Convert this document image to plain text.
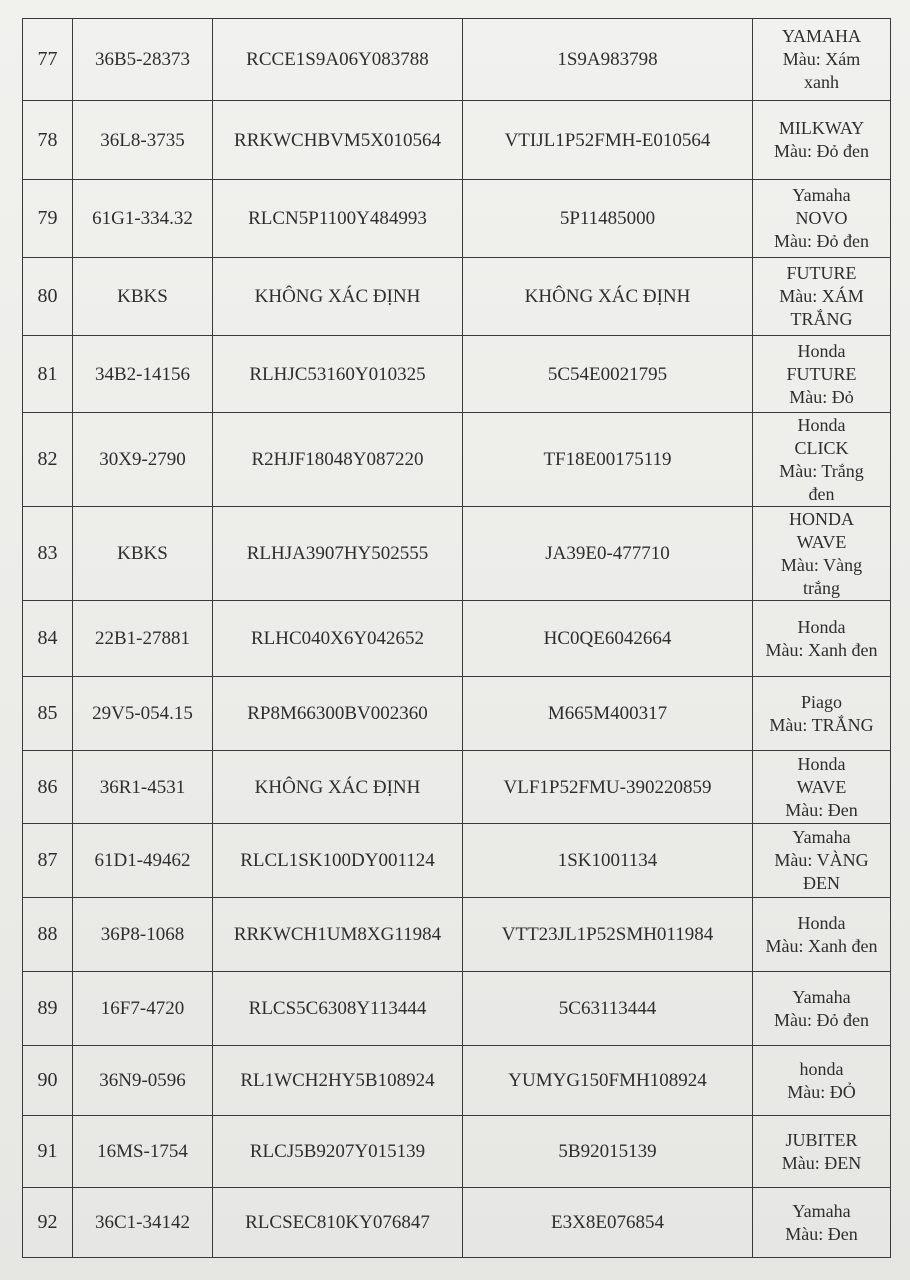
77	36B5-28373	RCCE1S9A06Y083788	1S9A983798	YAMAHA
Màu: Xám
xanh

78	36L8-3735	RRKWCHBVM5X010564	VTIJL1P52FMH-E010564	MILKWAY
Màu: Đỏ đen

79	61G1-334.32	RLCN5P1100Y484993	5P11485000	Yamaha
NOVO
Màu: Đỏ đen

80	KBKS	KHÔNG XÁC ĐỊNH	KHÔNG XÁC ĐỊNH	FUTURE
Màu: XÁM
TRẮNG

81	34B2-14156	RLHJC53160Y010325	5C54E0021795	Honda
FUTURE
Màu: Đỏ

82	30X9-2790	R2HJF18048Y087220	TF18E00175119	Honda
CLICK
Màu: Trắng
đen

83	KBKS	RLHJA3907HY502555	JA39E0-477710	HONDA
WAVE
Màu: Vàng
trắng

84	22B1-27881	RLHC040X6Y042652	HC0QE6042664	Honda
Màu: Xanh đen

85	29V5-054.15	RP8M66300BV002360	M665M400317	Piago
Màu: TRẮNG

86	36R1-4531	KHÔNG XÁC ĐỊNH	VLF1P52FMU-390220859	Honda
WAVE
Màu: Đen

87	61D1-49462	RLCL1SK100DY001124	1SK1001134	Yamaha
Màu: VÀNG
ĐEN

88	36P8-1068	RRKWCH1UM8XG11984	VTT23JL1P52SMH011984	Honda
Màu: Xanh đen

89	16F7-4720	RLCS5C6308Y113444	5C63113444	Yamaha
Màu: Đỏ đen

90	36N9-0596	RL1WCH2HY5B108924	YUMYG150FMH108924	honda
Màu: ĐỎ

91	16MS-1754	RLCJ5B9207Y015139	5B92015139	JUBITER
Màu: ĐEN

92	36C1-34142	RLCSEC810KY076847	E3X8E076854	Yamaha
Màu: Đen
